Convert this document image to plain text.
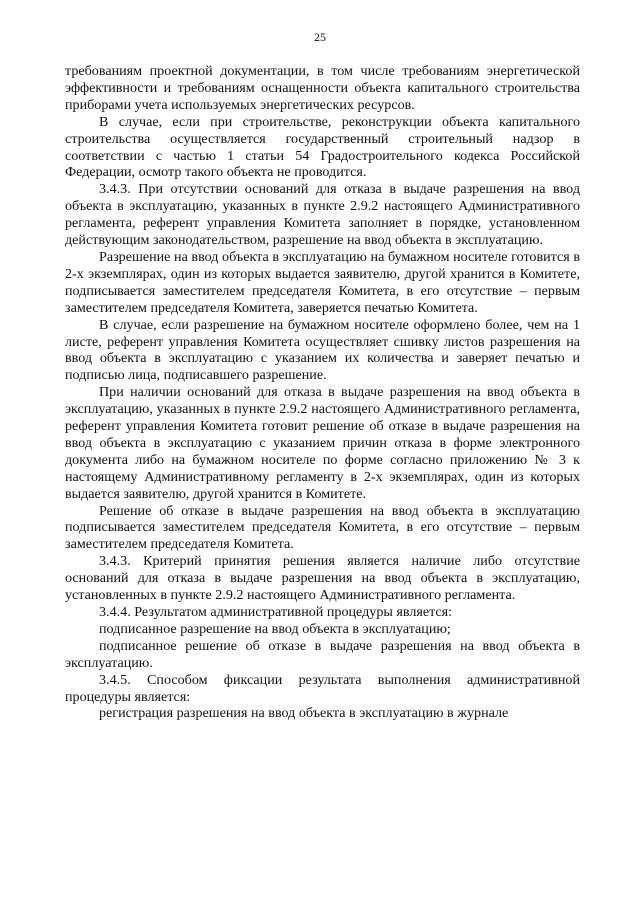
25

требованиям проектной документации, в том числе требованиям энергетической эффективности и требованиям оснащенности объекта капитального строительства приборами учета используемых энергетических ресурсов.

В случае, если при строительстве, реконструкции объекта капитального строительства осуществляется государственный строительный надзор в соответствии с частью 1 статьи 54 Градостроительного кодекса Российской Федерации, осмотр такого объекта не проводится.

3.4.3. При отсутствии оснований для отказа в выдаче разрешения на ввод объекта в эксплуатацию, указанных в пункте 2.9.2 настоящего Административного регламента, референт управления Комитета заполняет в порядке, установленном действующим законодательством, разрешение на ввод объекта в эксплуатацию.

Разрешение на ввод объекта в эксплуатацию на бумажном носителе готовится в 2-х экземплярах, один из которых выдается заявителю, другой хранится в Комитете, подписывается заместителем председателя Комитета, в его отсутствие – первым заместителем председателя Комитета, заверяется печатью Комитета.

В случае, если разрешение на бумажном носителе оформлено более, чем на 1 листе, референт управления Комитета осуществляет сшивку листов разрешения на ввод объекта в эксплуатацию с указанием их количества и заверяет печатью и подписью лица, подписавшего разрешение.

При наличии оснований для отказа в выдаче разрешения на ввод объекта в эксплуатацию, указанных в пункте 2.9.2 настоящего Административного регламента, референт управления Комитета готовит решение об отказе в выдаче разрешения на ввод объекта в эксплуатацию с указанием причин отказа в форме электронного документа либо на бумажном носителе по форме согласно приложению № 3 к настоящему Административному регламенту в 2-х экземплярах, один из которых выдается заявителю, другой хранится в Комитете.

Решение об отказе в выдаче разрешения на ввод объекта в эксплуатацию подписывается заместителем председателя Комитета, в его отсутствие – первым заместителем председателя Комитета.

3.4.3. Критерий принятия решения является наличие либо отсутствие оснований для отказа в выдаче разрешения на ввод объекта в эксплуатацию, установленных в пункте 2.9.2 настоящего Административного регламента.

3.4.4. Результатом административной процедуры является:

подписанное разрешение на ввод объекта в эксплуатацию;

подписанное решение об отказе в выдаче разрешения на ввод объекта в эксплуатацию.

3.4.5. Способом фиксации результата выполнения административной процедуры является:

регистрация разрешения на ввод объекта в эксплуатацию в журнале
